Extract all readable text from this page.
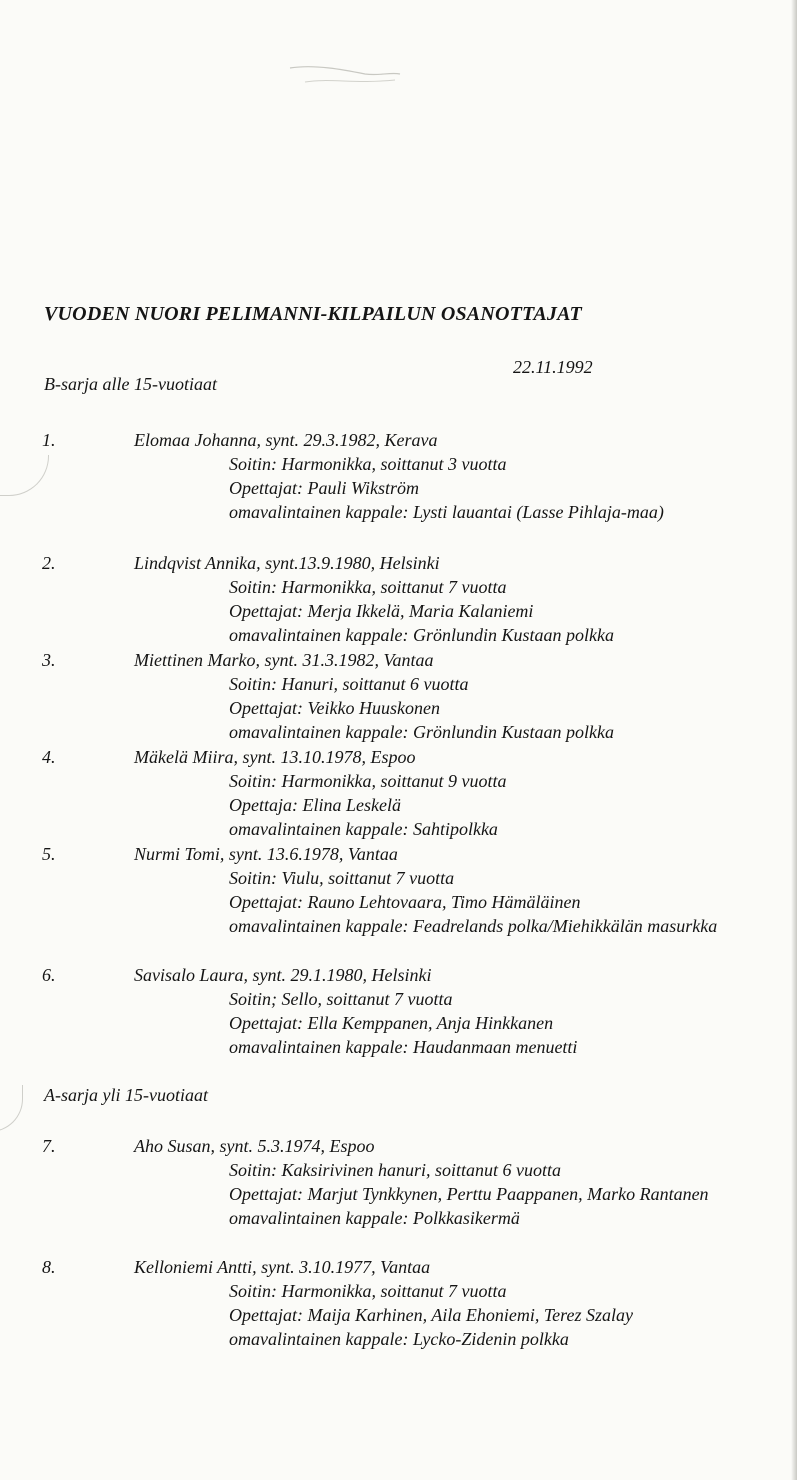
VUODEN NUORI PELIMANNI-KILPAILUN OSANOTTAJAT
22.11.1992
B-sarja alle 15-vuotiaat
1.	Elomaa Johanna, synt. 29.3.1982, Kerava
Soitin: Harmonikka, soittanut 3 vuotta
Opettajat: Pauli Wikström
omavalintainen kappale: Lysti lauantai (Lasse Pihlaja-maa)
2.	Lindqvist Annika, synt.13.9.1980, Helsinki
Soitin: Harmonikka, soittanut 7 vuotta
Opettajat: Merja Ikkelä, Maria Kalaniemi
omavalintainen kappale: Grönlundin Kustaan polkka
3.	Miettinen Marko, synt. 31.3.1982, Vantaa
Soitin: Hanuri, soittanut 6 vuotta
Opettajat: Veikko Huuskonen
omavalintainen kappale: Grönlundin Kustaan polkka
4.	Mäkelä Miira, synt. 13.10.1978, Espoo
Soitin: Harmonikka, soittanut 9 vuotta
Opettaja: Elina Leskelä
omavalintainen kappale: Sahtipolkka
5.	Nurmi Tomi, synt. 13.6.1978, Vantaa
Soitin: Viulu, soittanut 7 vuotta
Opettajat: Rauno Lehtovaara, Timo Hämäläinen
omavalintainen kappale: Feadrelands polka/Miehikkälän masurkka
6.	Savisalo Laura, synt. 29.1.1980, Helsinki
Soitin; Sello, soittanut 7 vuotta
Opettajat: Ella Kemppanen, Anja Hinkkanen
omavalintainen kappale: Haudanmaan menuetti
A-sarja yli 15-vuotiaat
7.	Aho Susan, synt. 5.3.1974, Espoo
Soitin: Kaksirivinen hanuri, soittanut 6 vuotta
Opettajat: Marjut Tynkkynen, Perttu Paappanen, Marko Rantanen
omavalintainen kappale: Polkkasikermä
8.	Kelloniemi Antti, synt. 3.10.1977, Vantaa
Soitin: Harmonikka, soittanut 7 vuotta
Opettajat: Maija Karhinen, Aila Ehoniemi, Terez Szalay
omavalintainen kappale: Lycko-Zidenin polkka
